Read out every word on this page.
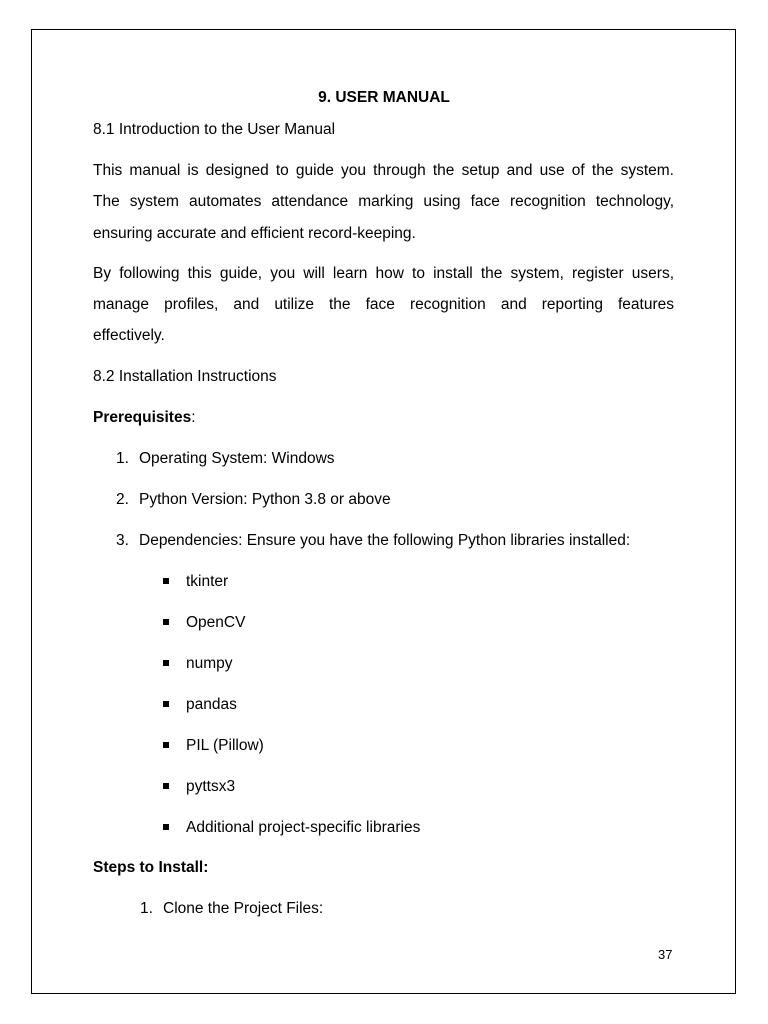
9. USER MANUAL
8.1 Introduction to the User Manual
This manual is designed to guide you through the setup and use of the system.
The system automates attendance marking using face recognition technology,
ensuring accurate and efficient record-keeping.
By following this guide, you will learn how to install the system, register users,
manage profiles, and utilize the face recognition and reporting features
effectively.
8.2 Installation Instructions
Prerequisites:
1. Operating System: Windows
2. Python Version: Python 3.8 or above
3. Dependencies: Ensure you have the following Python libraries installed:
tkinter
OpenCV
numpy
pandas
PIL (Pillow)
pyttsx3
Additional project-specific libraries
Steps to Install:
1. Clone the Project Files:
37
